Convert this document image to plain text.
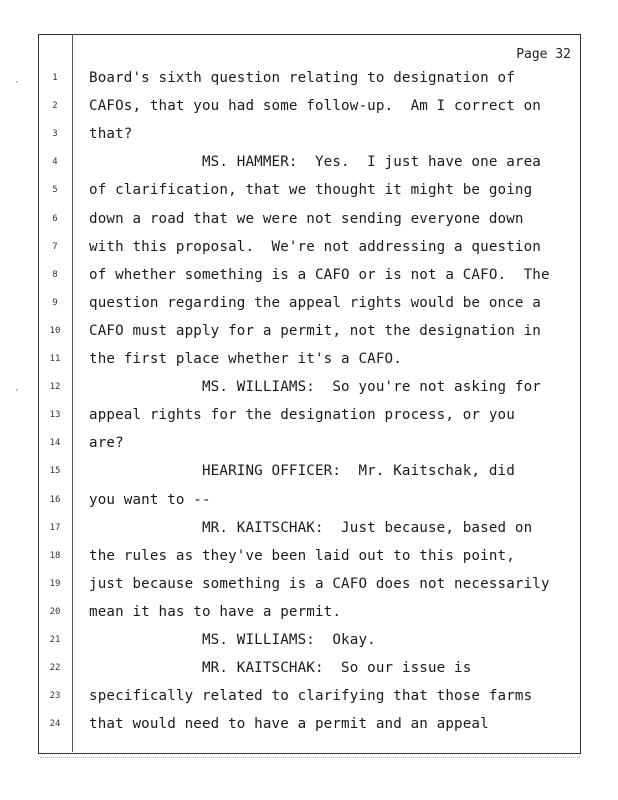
Page 32
1	Board's sixth question relating to designation of
2	CAFOs, that you had some follow-up.  Am I correct on
3	that?
4	MS. HAMMER:  Yes.  I just have one area
5	of clarification, that we thought it might be going
6	down a road that we were not sending everyone down
7	with this proposal.  We're not addressing a question
8	of whether something is a CAFO or is not a CAFO.  The
9	question regarding the appeal rights would be once a
10	CAFO must apply for a permit, not the designation in
11	the first place whether it's a CAFO.
12	MS. WILLIAMS:  So you're not asking for
13	appeal rights for the designation process, or you
14	are?
15	HEARING OFFICER:  Mr. Kaitschak, did
16	you want to --
17	MR. KAITSCHAK:  Just because, based on
18	the rules as they've been laid out to this point,
19	just because something is a CAFO does not necessarily
20	mean it has to have a permit.
21	MS. WILLIAMS:  Okay.
22	MR. KAITSCHAK:  So our issue is
23	specifically related to clarifying that those farms
24	that would need to have a permit and an appeal
·
·
